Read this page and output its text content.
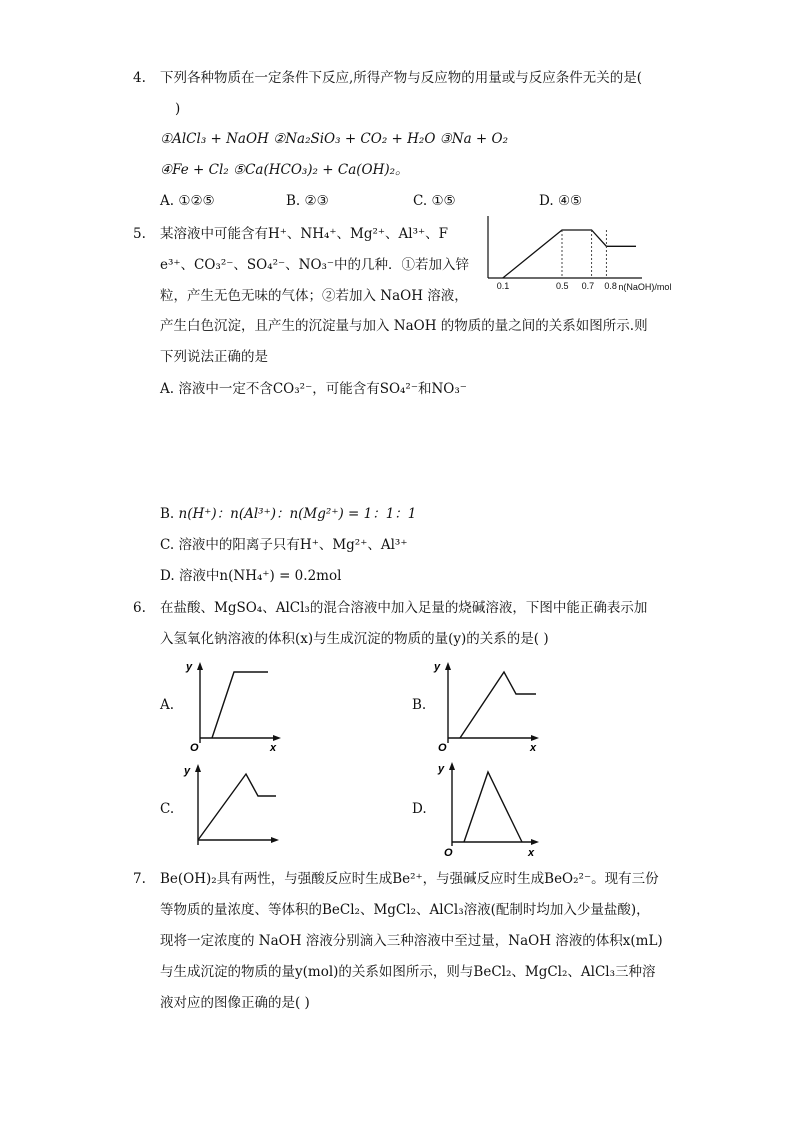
4. 下列各种物质在一定条件下反应,所得产物与反应物的用量或与反应条件无关的是(
)
①AlCl₃ + NaOH ②Na₂SiO₃ + CO₂ + H₂O ③Na + O₂
④Fe + Cl₂ ⑤Ca(HCO₃)₂ + Ca(OH)₂。
A. ①②⑤	B. ②③	C. ①⑤	D. ④⑤
5. 某溶液中可能含有H⁺、NH₄⁺、Mg²⁺、Al³⁺、F
e³⁺、CO₃²⁻、SO₄²⁻、NO₃⁻中的几种．①若加入锌
粒，产生无色无味的气体；②若加入 NaOH 溶液，
产生白色沉淀，且产生的沉淀量与加入 NaOH 的物质的量之间的关系如图所示.则
下列说法正确的是
0.1	0.5 0.7 0.8 n(NaOH)/mol
A. 溶液中一定不含CO₃²⁻，可能含有SO₄²⁻和NO₃⁻
B. n(H⁺)：n(Al³⁺)：n(Mg²⁺) = 1：1：1
C. 溶液中的阳离子只有H⁺、Mg²⁺、Al³⁺
D. 溶液中n(NH₄⁺) = 0.2mol
6. 在盐酸、MgSO₄、AlCl₃的混合溶液中加入足量的烧碱溶液，下图中能正确表示加
入氢氧化钠溶液的体积(x)与生成沉淀的物质的量(y)的关系的是( )
A.
y
O	x
B.
y
O	x
C.
y
D.
y
O	x
7. Be(OH)₂具有两性，与强酸反应时生成Be²⁺，与强碱反应时生成BeO₂²⁻。现有三份
等物质的量浓度、等体积的BeCl₂、MgCl₂、AlCl₃溶液(配制时均加入少量盐酸)，
现将一定浓度的 NaOH 溶液分别滴入三种溶液中至过量，NaOH 溶液的体积x(mL)
与生成沉淀的物质的量y(mol)的关系如图所示，则与BeCl₂、MgCl₂、AlCl₃三种溶
液对应的图像正确的是( )
